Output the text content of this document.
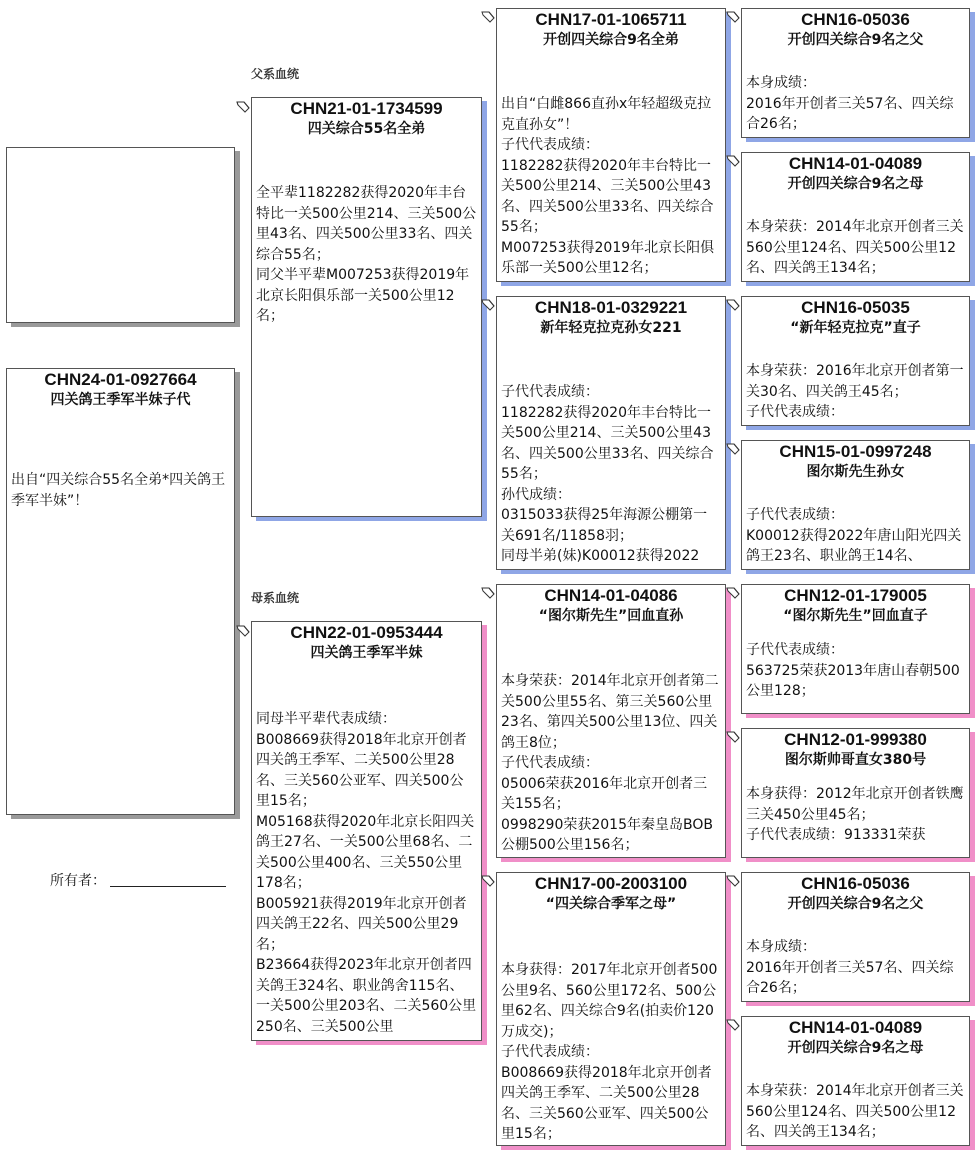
CHN24-01-0927664
四关鸽王季军半妹子代
出自“四关综合55名全弟*四关鸽王季军半妹”！
所有者：
父系血统
母系血统
CHN21-01-1734599
四关综合55名全弟
全平辈1182282获得2020年丰台特比一关500公里214、三关500公里43名、四关500公里33名、四关综合55名；
同父半平辈M007253获得2019年北京长阳俱乐部一关500公里12名；
CHN22-01-0953444
四关鸽王季军半妹
同母半平辈代表成绩：
B008669获得2018年北京开创者四关鸽王季军、二关500公里28名、三关560公亚军、四关500公里15名；
M05168获得2020年北京长阳四关鸽王27名、一关500公里68名、二关500公里400名、三关550公里178名；
B005921获得2019年北京开创者四关鸽王22名、四关500公里29名；
B23664获得2023年北京开创者四关鸽王324名、职业鸽舍115名、一关500公里203名、二关560公里250名、三关500公里
CHN17-01-1065711
开创四关综合9名全弟
出自“白雌866直孙x年轻超级克拉克直孙女”！
子代代表成绩：
1182282获得2020年丰台特比一关500公里214、三关500公里43名、四关500公里33名、四关综合55名；
M007253获得2019年北京长阳俱乐部一关500公里12名；
CHN18-01-0329221
新年轻克拉克孙女221
子代代表成绩：
1182282获得2020年丰台特比一关500公里214、三关500公里43名、四关500公里33名、四关综合55名；
孙代成绩：
0315033获得25年海源公棚第一关691名/11858羽；
同母半弟(妹)K00012获得2022
CHN14-01-04086
“图尔斯先生”回血直孙
本身荣获：2014年北京开创者第二关500公里55名、第三关560公里23名、第四关500公里13位、四关鸽王8位；
子代代表成绩：
05006荣获2016年北京开创者三关155名；
0998290荣获2015年秦皇岛BOB公棚500公里156名；
CHN17-00-2003100
“四关综合季军之母”
本身获得：2017年北京开创者500公里9名、560公里172名、500公里62名、四关综合9名(拍卖价120万成交)；
子代代表成绩：
B008669获得2018年北京开创者四关鸽王季军、二关500公里28名、三关560公亚军、四关500公里15名；
CHN16-05036
开创四关综合9名之父
本身成绩：
2016年开创者三关57名、四关综合26名；
CHN14-01-04089
开创四关综合9名之母
本身荣获：2014年北京开创者三关560公里124名、四关500公里12名、四关鸽王134名；
CHN16-05035
“新年轻克拉克”直子
本身荣获：2016年北京开创者第一关30名、四关鸽王45名；
子代代表成绩：
CHN15-01-0997248
图尔斯先生孙女
子代代表成绩：
K00012获得2022年唐山阳光四关鸽王23名、职业鸽王14名、
CHN12-01-179005
“图尔斯先生”回血直子
子代代表成绩：
563725荣获2013年唐山春朝500公里128；
CHN12-01-999380
图尔斯帅哥直女380号
本身获得：2012年北京开创者铁鹰三关450公里45名；
子代代表成绩：913331荣获
CHN16-05036
开创四关综合9名之父
本身成绩：
2016年开创者三关57名、四关综合26名；
CHN14-01-04089
开创四关综合9名之母
本身荣获：2014年北京开创者三关560公里124名、四关500公里12名、四关鸽王134名；
